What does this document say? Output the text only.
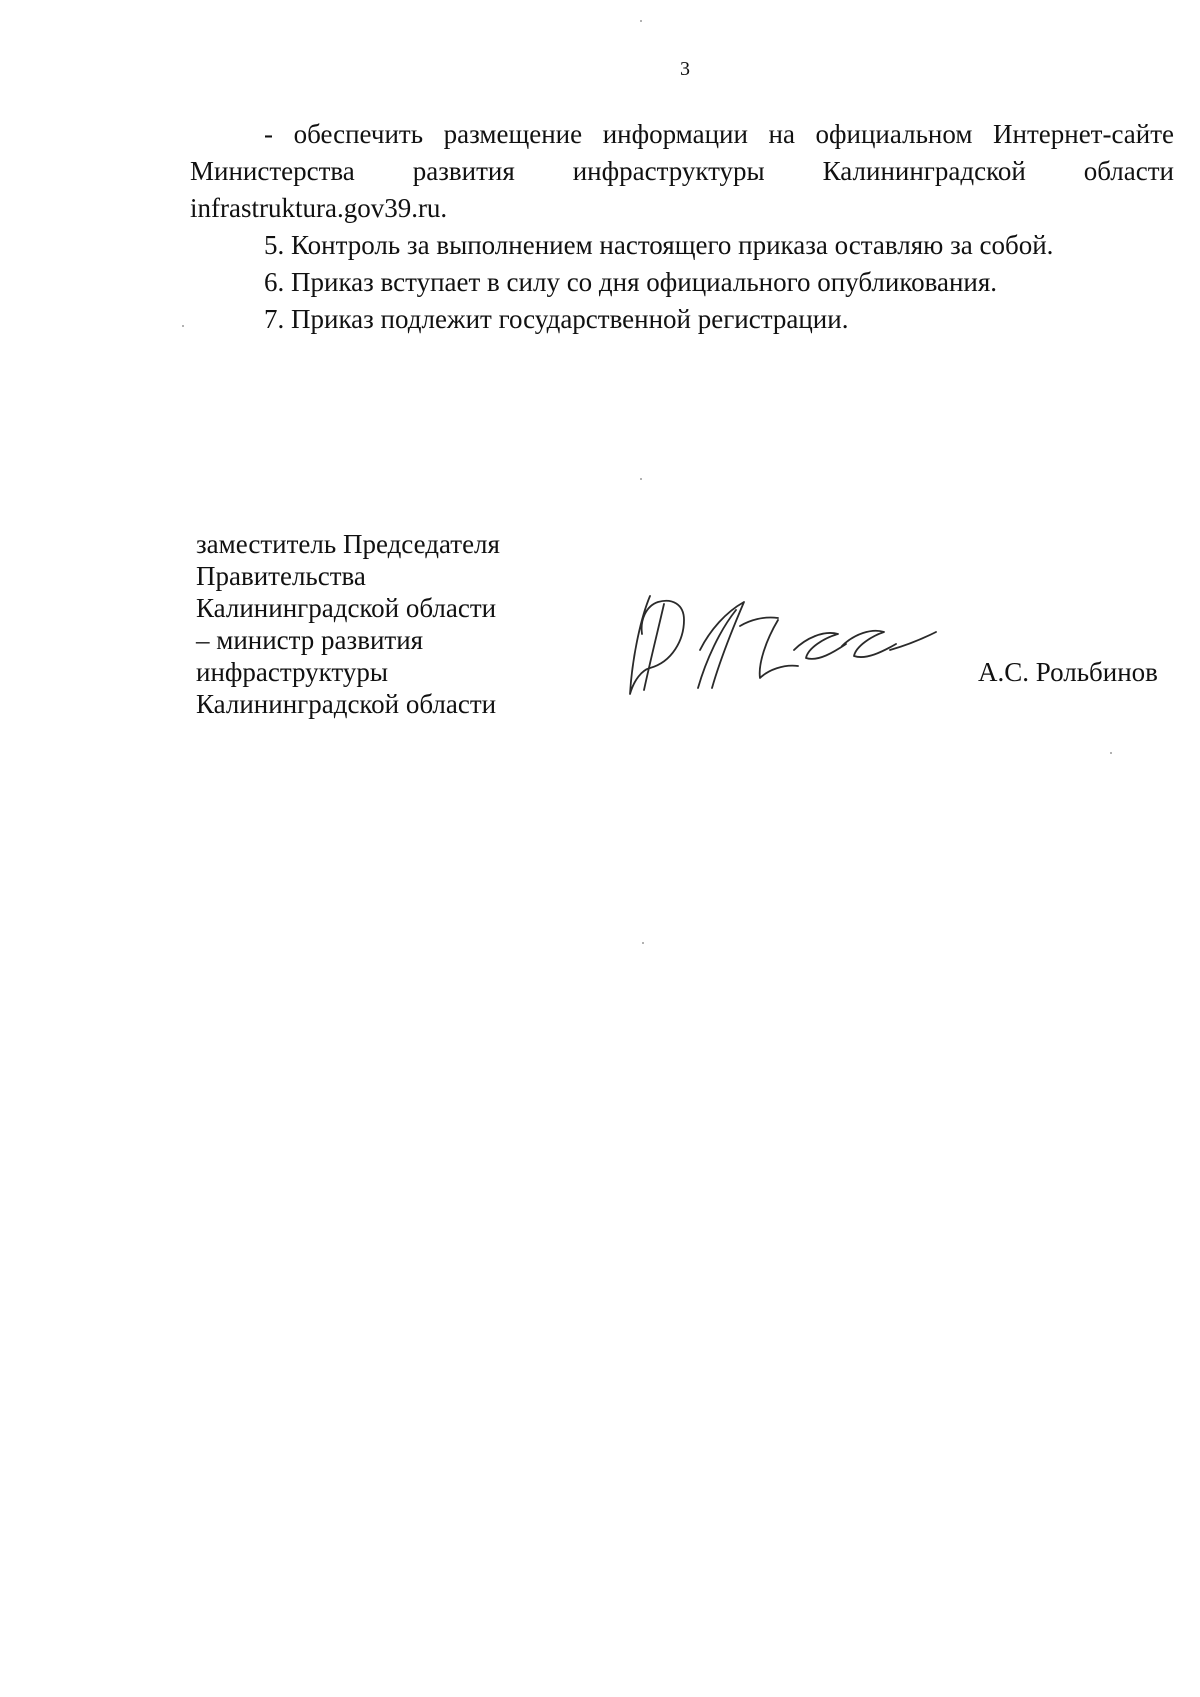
3

- обеспечить размещение информации на официальном Интернет-сайте Министерства развития инфраструктуры Калининградской области infrastruktura.gov39.ru.

5. Контроль за выполнением настоящего приказа оставляю за собой.

6. Приказ вступает в силу со дня официального опубликования.

7. Приказ подлежит государственной регистрации.

заместитель Председателя
Правительства
Калининградской области
– министр развития
инфраструктуры
Калининградской области
А.С. Рольбинов
